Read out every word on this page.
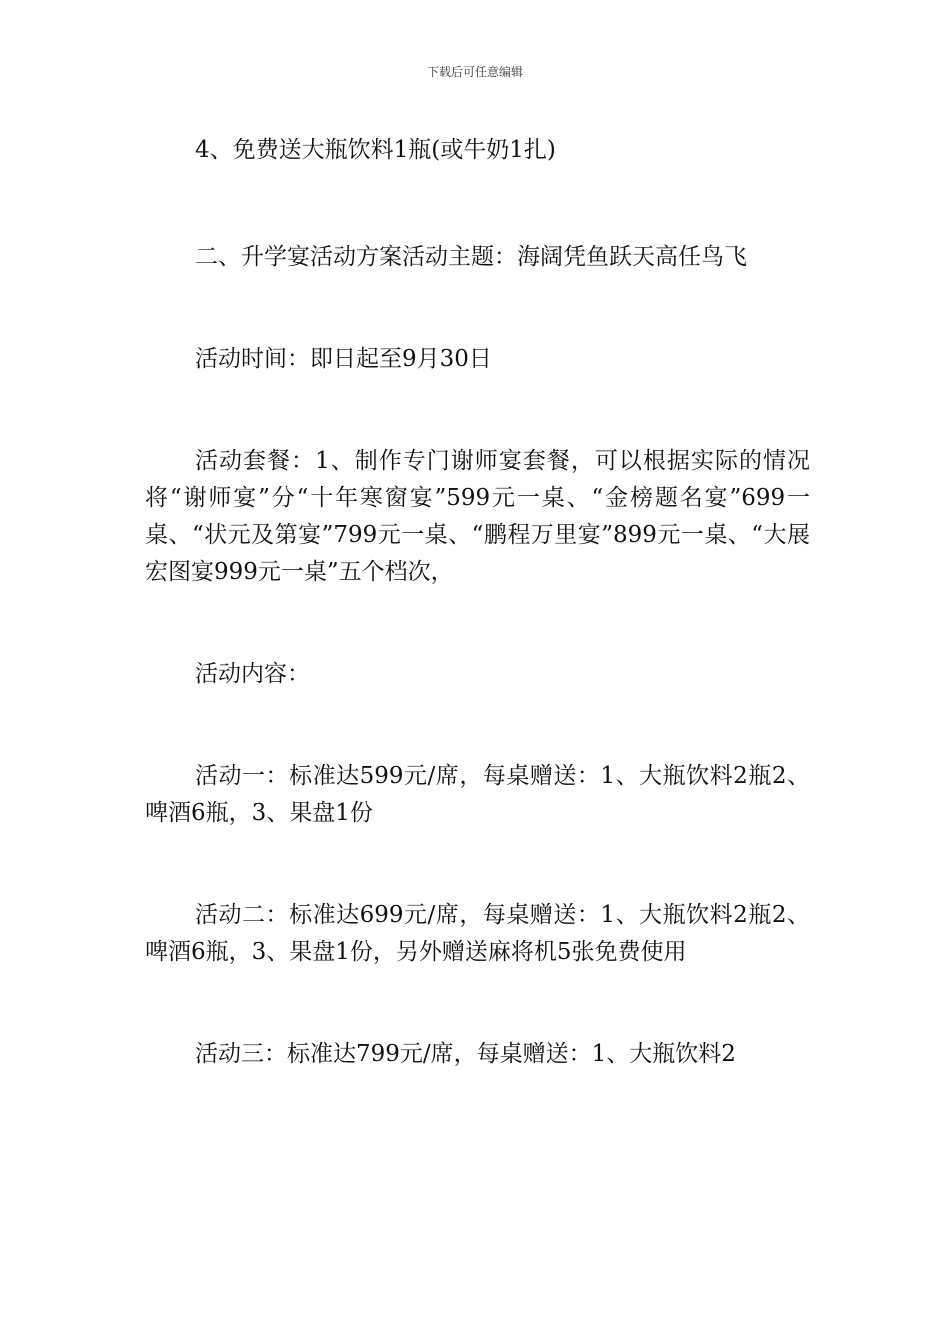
下载后可任意编辑

4、免费送大瓶饮料1瓶(或牛奶1扎)

二、升学宴活动方案活动主题：海阔凭鱼跃天高任鸟飞

活动时间：即日起至9月30日

活动套餐：1、制作专门谢师宴套餐，可以根据实际的情况将“谢师宴”分“十年寒窗宴”599元一桌、“金榜题名宴”699一桌、“状元及第宴”799元一桌、“鹏程万里宴”899元一桌、“大展宏图宴999元一桌”五个档次，

活动内容：

活动一：标准达599元/席，每桌赠送：1、大瓶饮料2瓶2、啤酒6瓶，3、果盘1份

活动二：标准达699元/席，每桌赠送：1、大瓶饮料2瓶2、啤酒6瓶，3、果盘1份，另外赠送麻将机5张免费使用

活动三：标准达799元/席，每桌赠送：1、大瓶饮料2
